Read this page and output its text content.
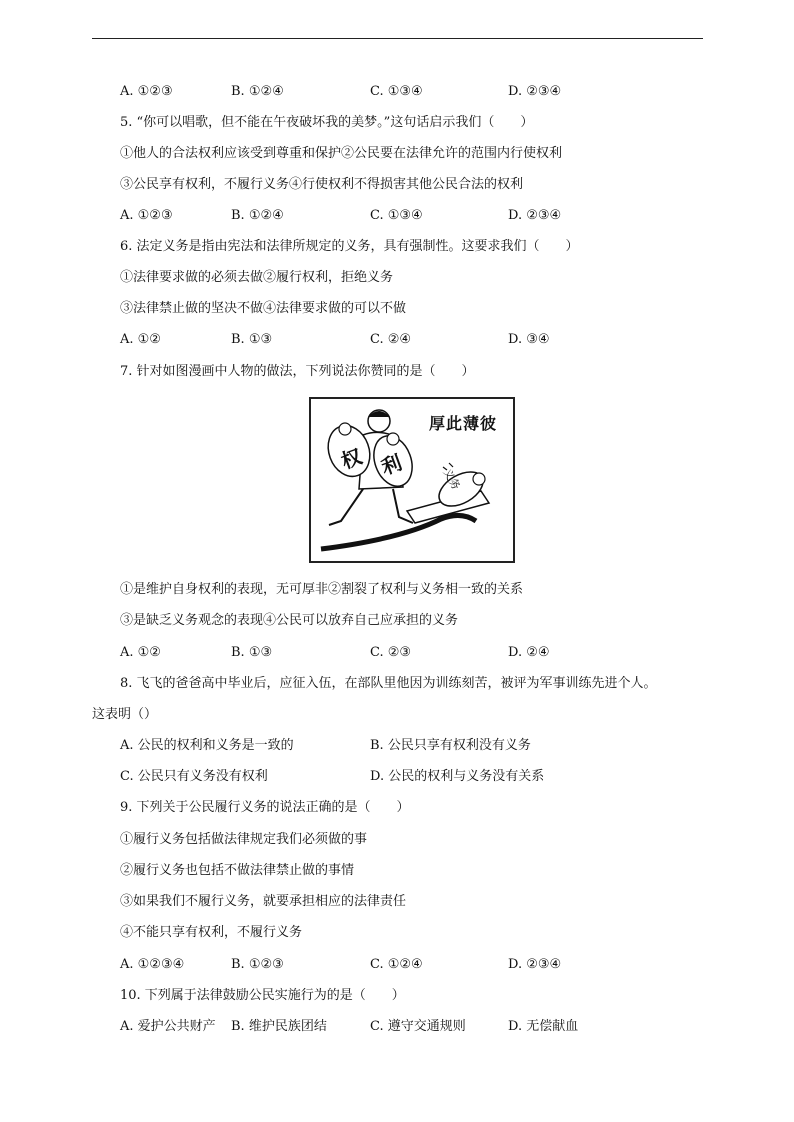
A. ①②③	B. ①②④	C. ①③④	D. ②③④
5. “你可以唱歌，但不能在午夜破坏我的美梦。”这句话启示我们（　　）
①他人的合法权利应该受到尊重和保护②公民要在法律允许的范围内行使权利
③公民享有权利，不履行义务④行使权利不得损害其他公民合法的权利
A. ①②③	B. ①②④	C. ①③④	D. ②③④
6. 法定义务是指由宪法和法律所规定的义务，具有强制性。这要求我们（　　）
①法律要求做的必须去做②履行权利，拒绝义务
③法律禁止做的坚决不做④法律要求做的可以不做
A. ①②	B. ①③	C. ②④	D. ③④
7. 针对如图漫画中人物的做法，下列说法你赞同的是（　　）
厚此薄彼
权 利	义务
①是维护自身权利的表现，无可厚非②割裂了权利与义务相一致的关系
③是缺乏义务观念的表现④公民可以放弃自己应承担的义务
A. ①②	B. ①③	C. ②③	D. ②④
8. 飞飞的爸爸高中毕业后，应征入伍，在部队里他因为训练刻苦，被评为军事训练先进个人。
这表明（）
A. 公民的权利和义务是一致的	B. 公民只享有权利没有义务
C. 公民只有义务没有权利	D. 公民的权利与义务没有关系
9. 下列关于公民履行义务的说法正确的是（　　）
①履行义务包括做法律规定我们必须做的事
②履行义务也包括不做法律禁止做的事情
③如果我们不履行义务，就要承担相应的法律责任
④不能只享有权利，不履行义务
A. ①②③④	B. ①②③	C. ①②④	D. ②③④
10. 下列属于法律鼓励公民实施行为的是（　　）
A. 爱护公共财产 B. 维护民族团结	C. 遵守交通规则	D. 无偿献血
